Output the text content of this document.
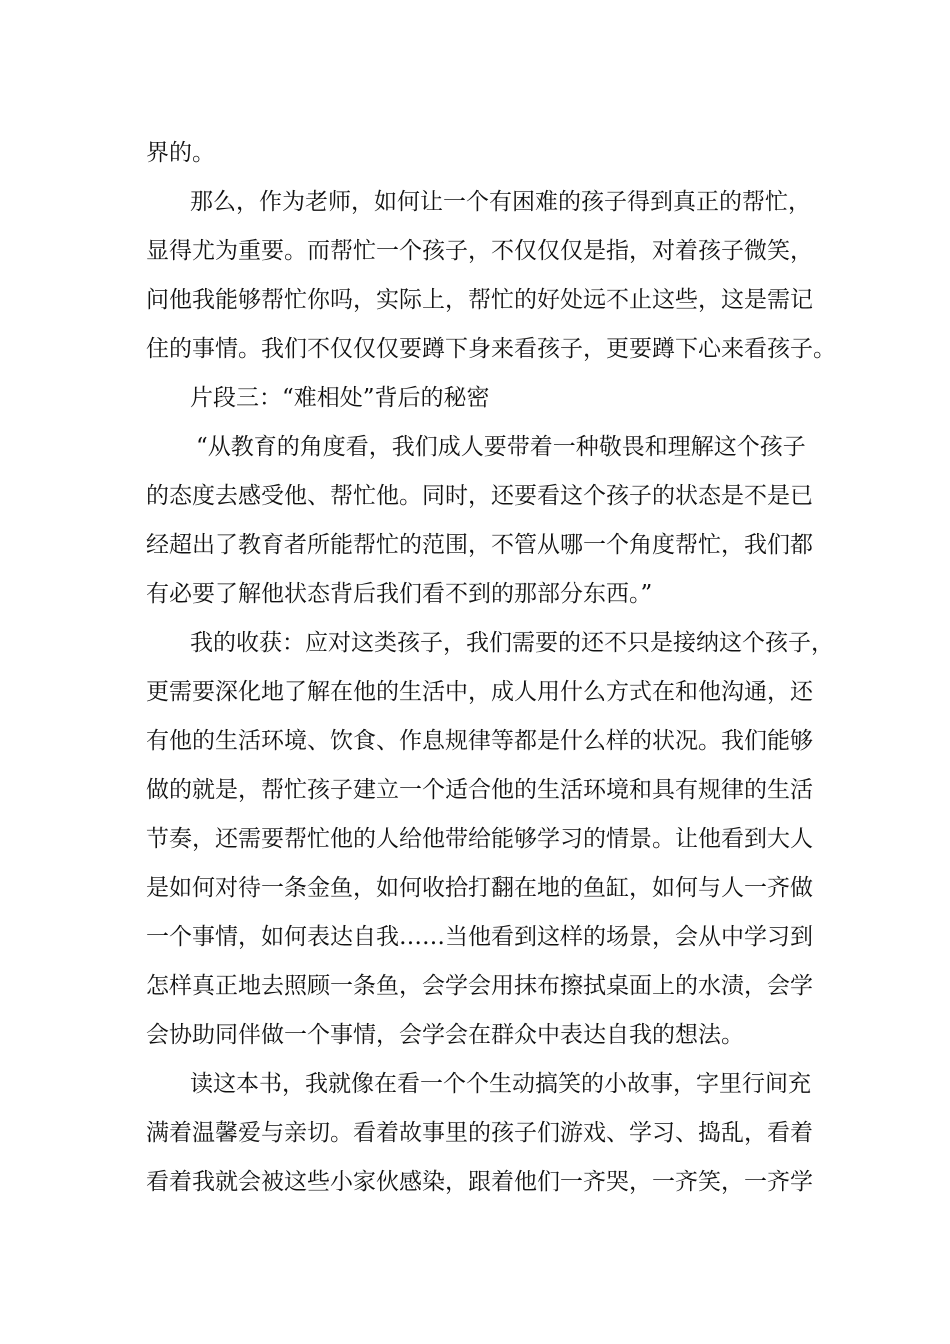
界的。
那么，作为老师，如何让一个有困难的孩子得到真正的帮忙，
显得尤为重要。而帮忙一个孩子，不仅仅仅是指，对着孩子微笑，
问他我能够帮忙你吗，实际上，帮忙的好处远不止这些，这是需记
住的事情。我们不仅仅仅要蹲下身来看孩子，更要蹲下心来看孩子。
片段三：“难相处”背后的秘密
“从教育的角度看，我们成人要带着一种敬畏和理解这个孩子
的态度去感受他、帮忙他。同时，还要看这个孩子的状态是不是已
经超出了教育者所能帮忙的范围，不管从哪一个角度帮忙，我们都
有必要了解他状态背后我们看不到的那部分东西。”
我的收获：应对这类孩子，我们需要的还不只是接纳这个孩子，
更需要深化地了解在他的生活中，成人用什么方式在和他沟通，还
有他的生活环境、饮食、作息规律等都是什么样的状况。我们能够
做的就是，帮忙孩子建立一个适合他的生活环境和具有规律的生活
节奏，还需要帮忙他的人给他带给能够学习的情景。让他看到大人
是如何对待一条金鱼，如何收拾打翻在地的鱼缸，如何与人一齐做
一个事情，如何表达自我……当他看到这样的场景，会从中学习到
怎样真正地去照顾一条鱼，会学会用抹布擦拭桌面上的水渍，会学
会协助同伴做一个事情，会学会在群众中表达自我的想法。
读这本书，我就像在看一个个生动搞笑的小故事，字里行间充
满着温馨爱与亲切。看着故事里的孩子们游戏、学习、捣乱，看着
看着我就会被这些小家伙感染，跟着他们一齐哭，一齐笑，一齐学
